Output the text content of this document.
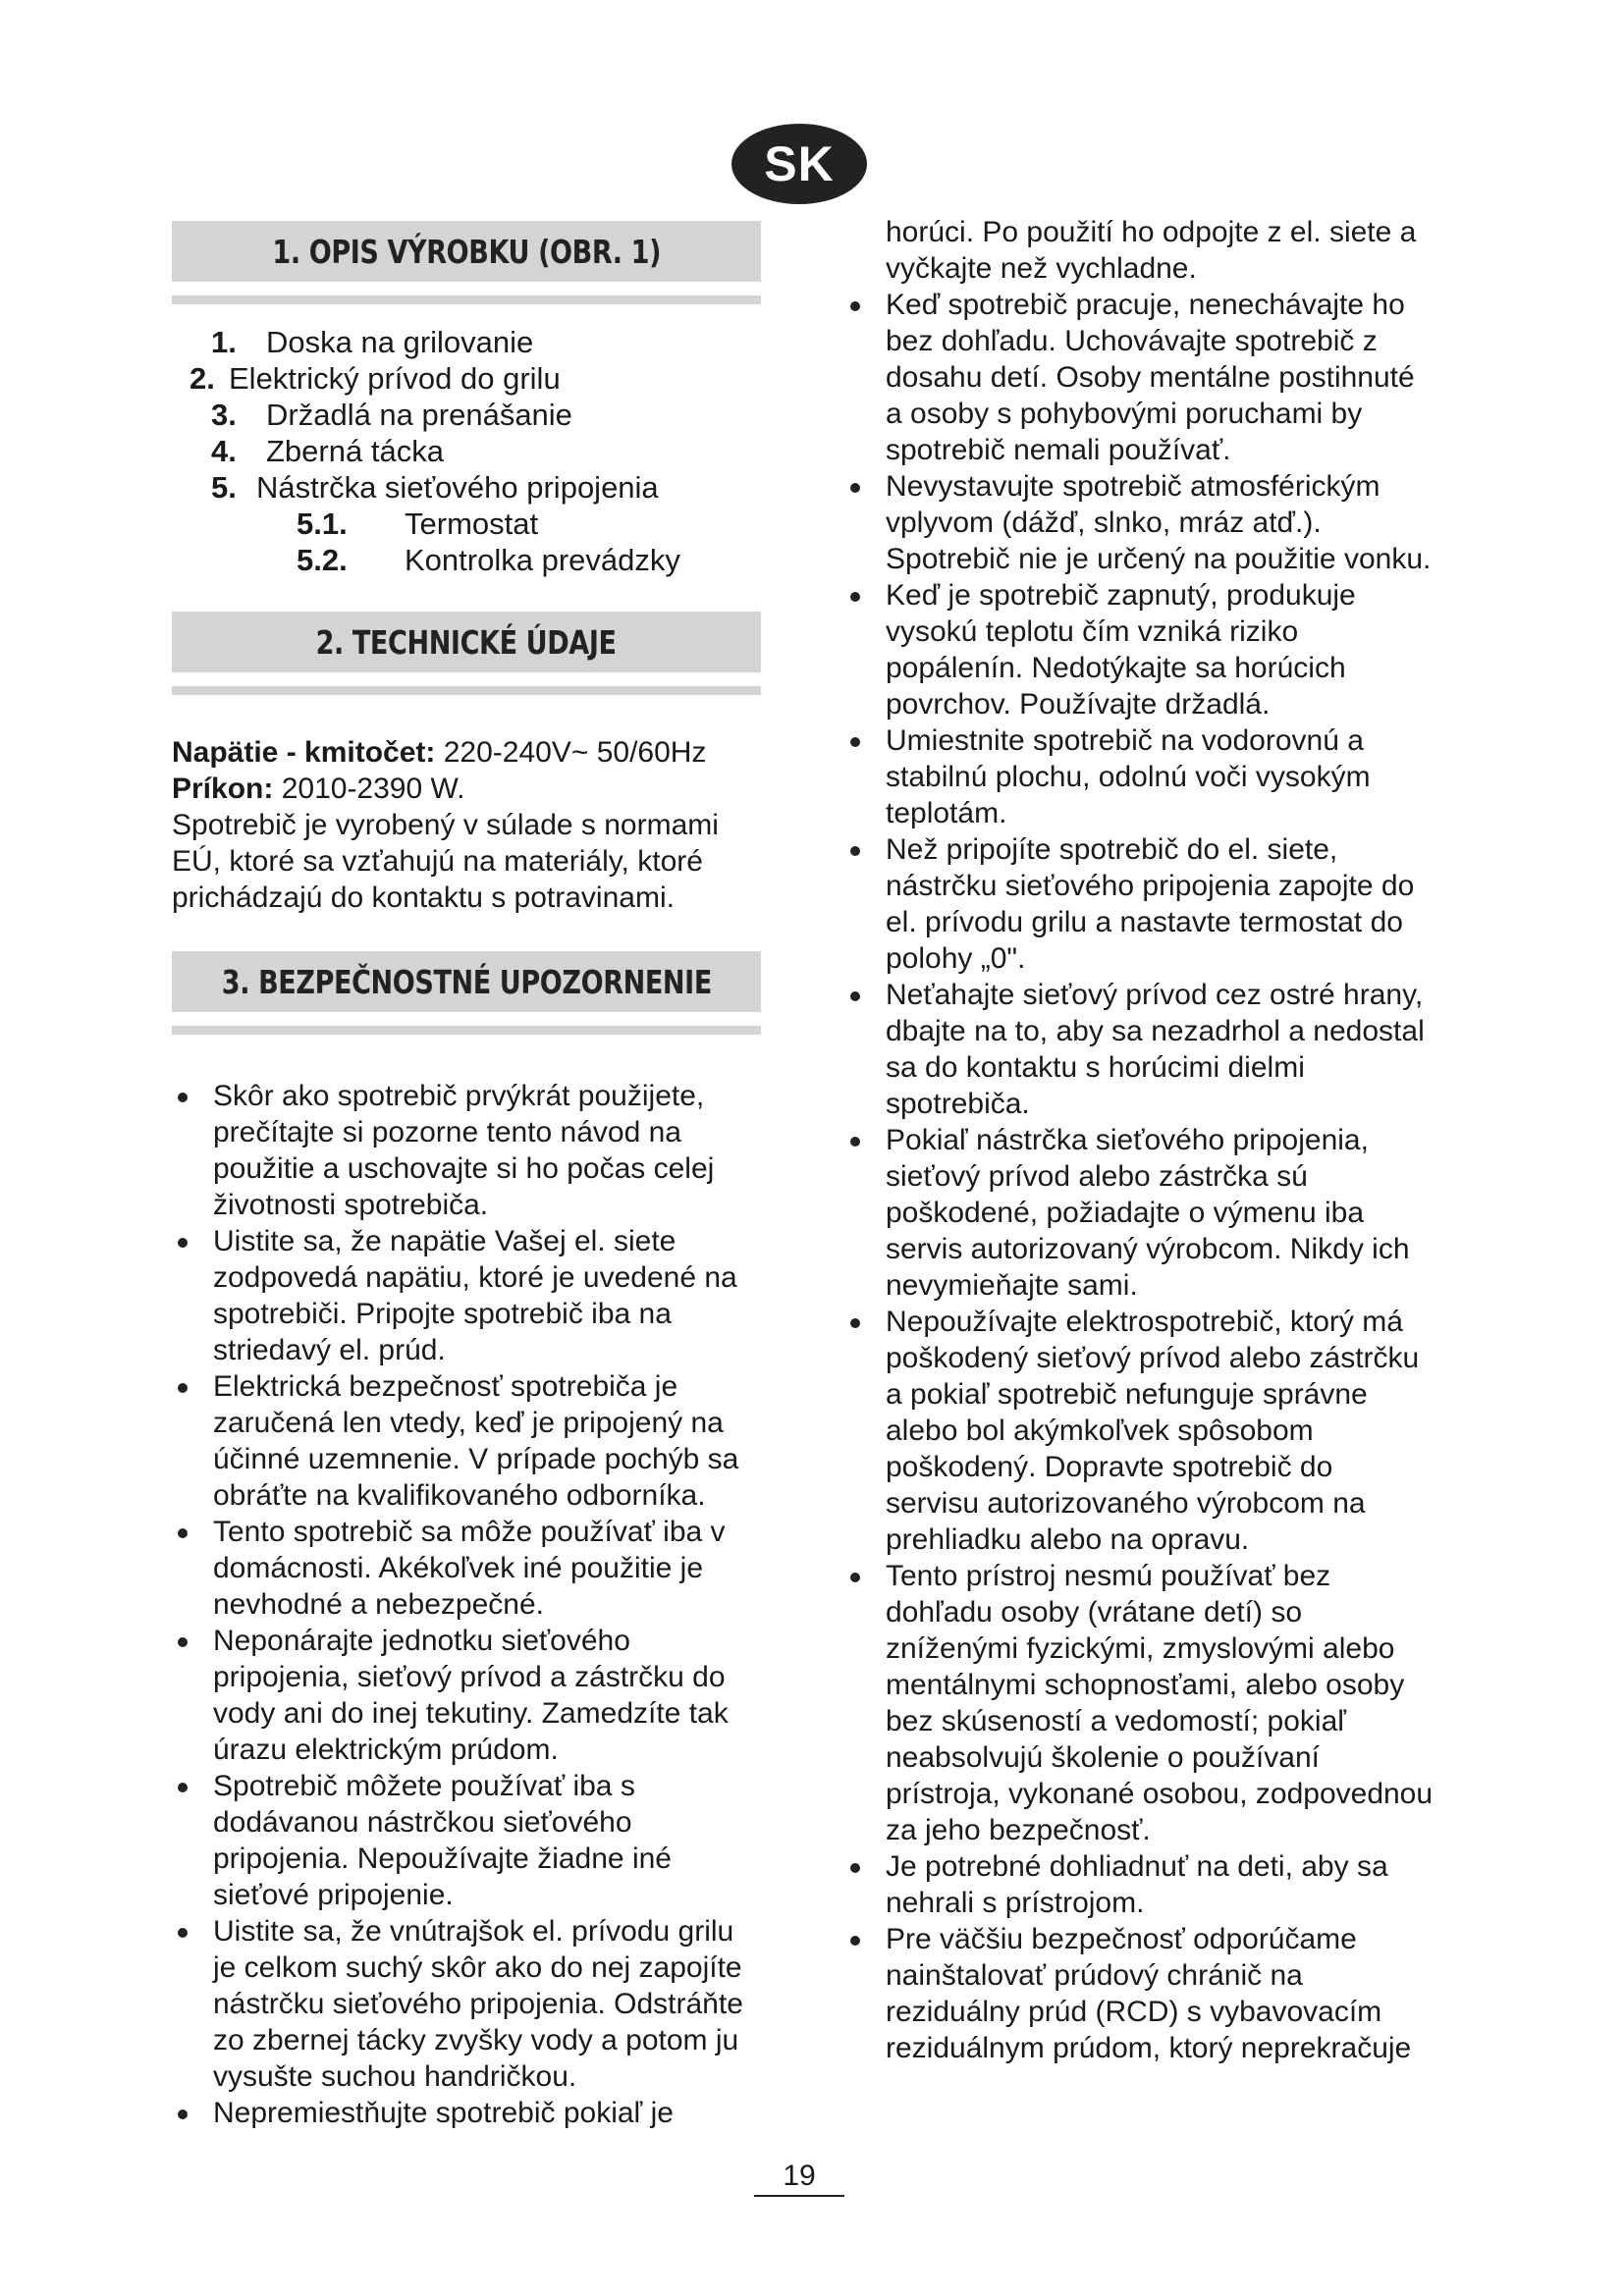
SK
1. OPIS VÝROBKU (OBR. 1)
1. Doska na grilovanie
2. Elektrický prívod do grilu
3. Držadlá na prenášanie
4. Zberná tácka
5. Nástrčka sieťového pripojenia
5.1. Termostat
5.2. Kontrolka prevádzky
2. TECHNICKÉ ÚDAJE
Napätie - kmitočet: 220-240V~ 50/60Hz
Príkon: 2010-2390 W.
Spotrebič je vyrobený v súlade s normami EÚ, ktoré sa vzťahujú na materiály, ktoré prichádzajú do kontaktu s potravinami.
3. BEZPEČNOSTNÉ UPOZORNENIE
Skôr ako spotrebič prvýkrát použijete, prečítajte si pozorne tento návod na použitie a uschovajte si ho počas celej životnosti spotrebiča.
Uistite sa, že napätie Vašej el. siete zodpovedá napätiu, ktoré je uvedené na spotrebiči. Pripojte spotrebič iba na striedavý el. prúd.
Elektrická bezpečnosť spotrebiča je zaručená len vtedy, keď je pripojený na účinné uzemnenie. V prípade pochýb sa obráťte na kvalifikovaného odborníka.
Tento spotrebič sa môže používať iba v domácnosti. Akékoľvek iné použitie je nevhodné a nebezpečné.
Neponárajte jednotku sieťového pripojenia, sieťový prívod a zástrčku do vody ani do inej tekutiny. Zamedzíte tak úrazu elektrickým prúdom.
Spotrebič môžete používať iba s dodávanou nástrčkou sieťového pripojenia. Nepoužívajte žiadne iné sieťové pripojenie.
Uistite sa, že vnútrajšok el. prívodu grilu je celkom suchý skôr ako do nej zapojíte nástrčku sieťového pripojenia. Odstráňte zo zbernej tácky zvyšky vody a potom ju vysušte suchou handričkou.
Nepremiestňujte spotrebič pokiaľ je
horúci. Po použití ho odpojte z el. siete a vyčkajte než vychladne.
Keď spotrebič pracuje, nenechávajte ho bez dohľadu. Uchovávajte spotrebič z dosahu detí. Osoby mentálne postihnuté a osoby s pohybovými poruchami by spotrebič nemali používať.
Nevystavujte spotrebič atmosférickým vplyvom (dážď, slnko, mráz atď.). Spotrebič nie je určený na použitie vonku.
Keď je spotrebič zapnutý, produkuje vysokú teplotu čím vzniká riziko popálenín. Nedotýkajte sa horúcich povrchov. Používajte držadlá.
Umiestnite spotrebič na vodorovnú a stabilnú plochu, odolnú voči vysokým teplotám.
Než pripojíte spotrebič do el. siete, nástrčku sieťového pripojenia zapojte do el. prívodu grilu a nastavte termostat do polohy „0".
Neťahajte sieťový prívod cez ostré hrany, dbajte na to, aby sa nezadrhol a nedostal sa do kontaktu s horúcimi dielmi spotrebiča.
Pokiaľ nástrčka sieťového pripojenia, sieťový prívod alebo zástrčka sú poškodené, požiadajte o výmenu iba servis autorizovaný výrobcom. Nikdy ich nevymieňajte sami.
Nepoužívajte elektrospotrebič, ktorý má poškodený sieťový prívod alebo zástrčku a pokiaľ spotrebič nefunguje správne alebo bol akýmkoľvek spôsobom poškodený. Dopravte spotrebič do servisu autorizovaného výrobcom na prehliadku alebo na opravu.
Tento prístroj nesmú používať bez dohľadu osoby (vrátane detí) so zníženými fyzickými, zmyslovými alebo mentálnymi schopnosťami, alebo osoby bez skúseností a vedomostí; pokiaľ neabsolvujú školenie o používaní prístroja, vykonané osobou, zodpovednou za jeho bezpečnosť.
Je potrebné dohliadnuť na deti, aby sa nehrali s prístrojom.
Pre väčšiu bezpečnosť odporúčame nainštalovať prúdový chránič na reziduálny prúd (RCD) s vybavovacím reziduálnym prúdom, ktorý neprekračuje
19
